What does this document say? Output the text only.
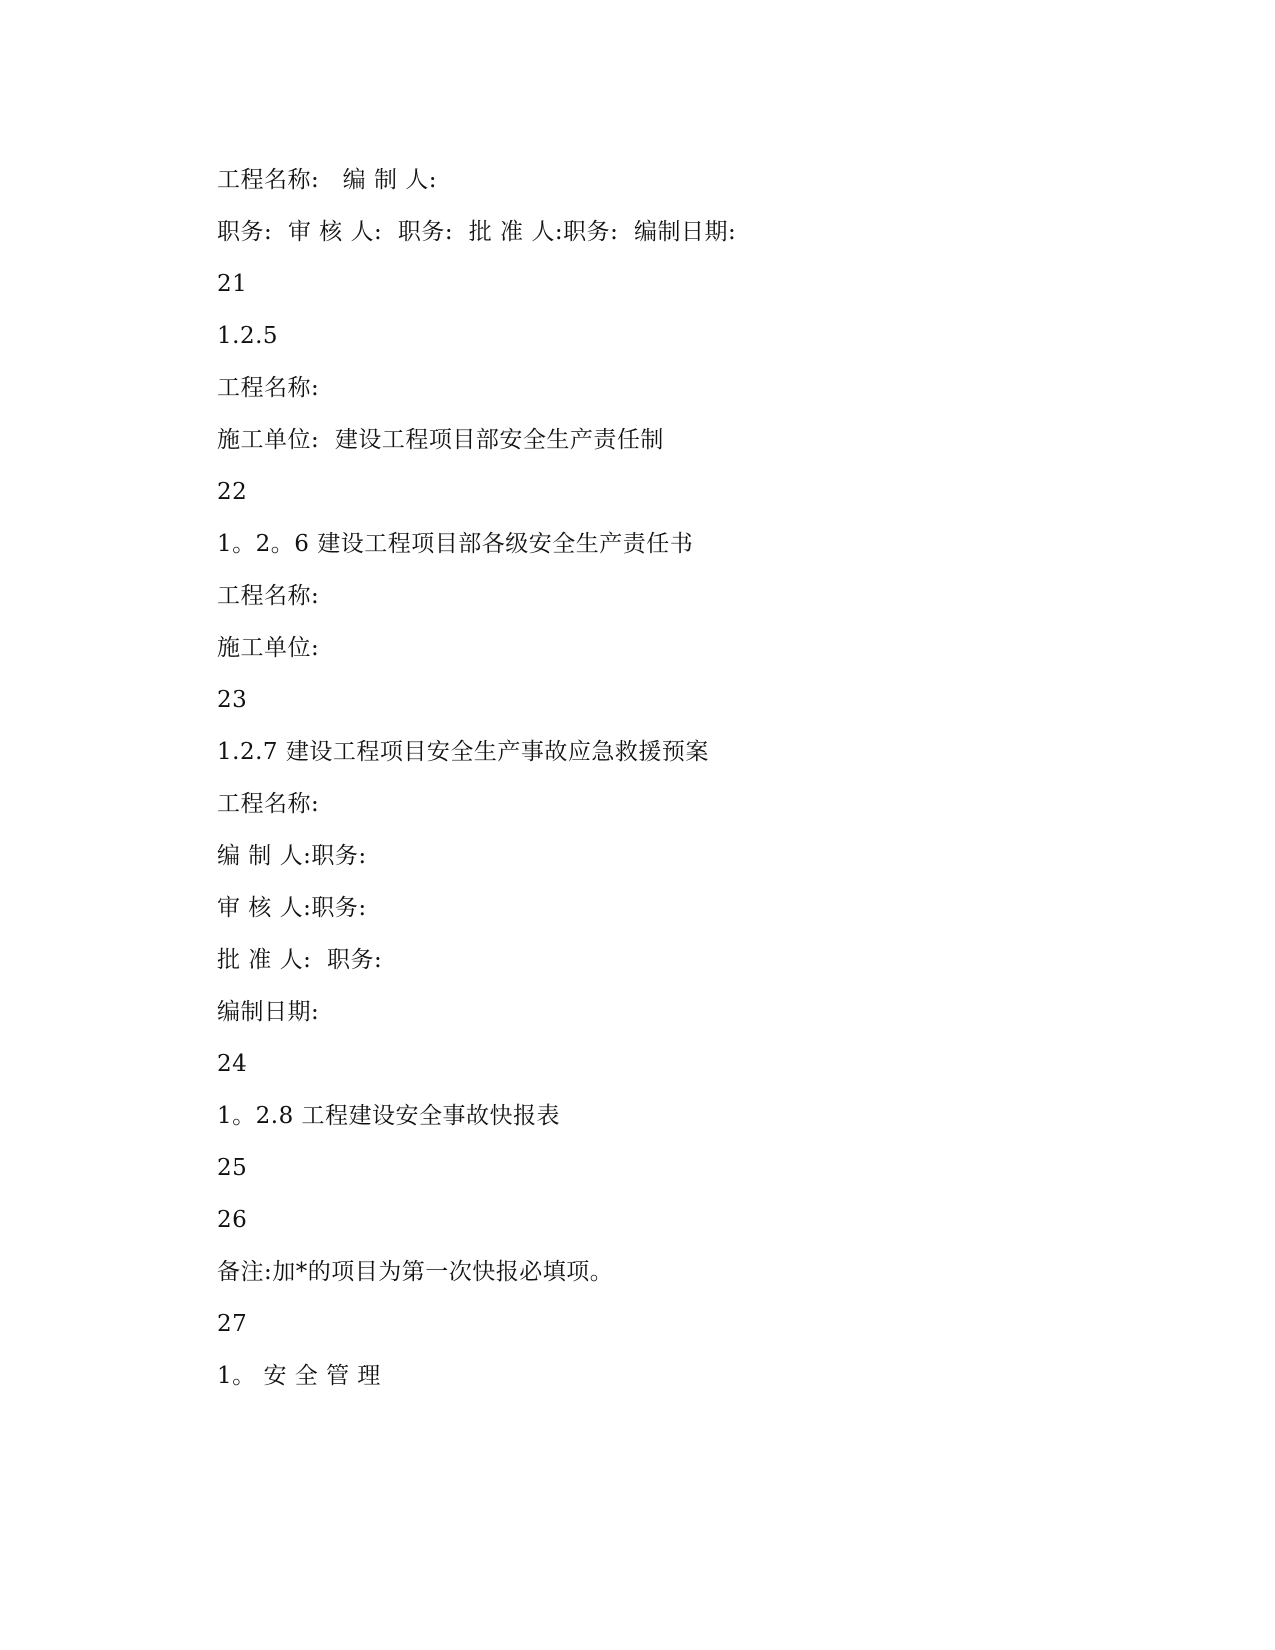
工程名称:   编 制 人:
职务:  审 核 人:  职务:  批 准 人:职务:  编制日期:
21
1.2.5
工程名称:
施工单位:  建设工程项目部安全生产责任制
22
1。2。6 建设工程项目部各级安全生产责任书
工程名称:
施工单位:
23
1.2.7 建设工程项目安全生产事故应急救援预案
工程名称:
编 制 人:职务:
审 核 人:职务:
批 准 人:  职务:
编制日期:
24
1。2.8 工程建设安全事故快报表
25
26
备注:加*的项目为第一次快报必填项。
27
1。 安 全 管 理
